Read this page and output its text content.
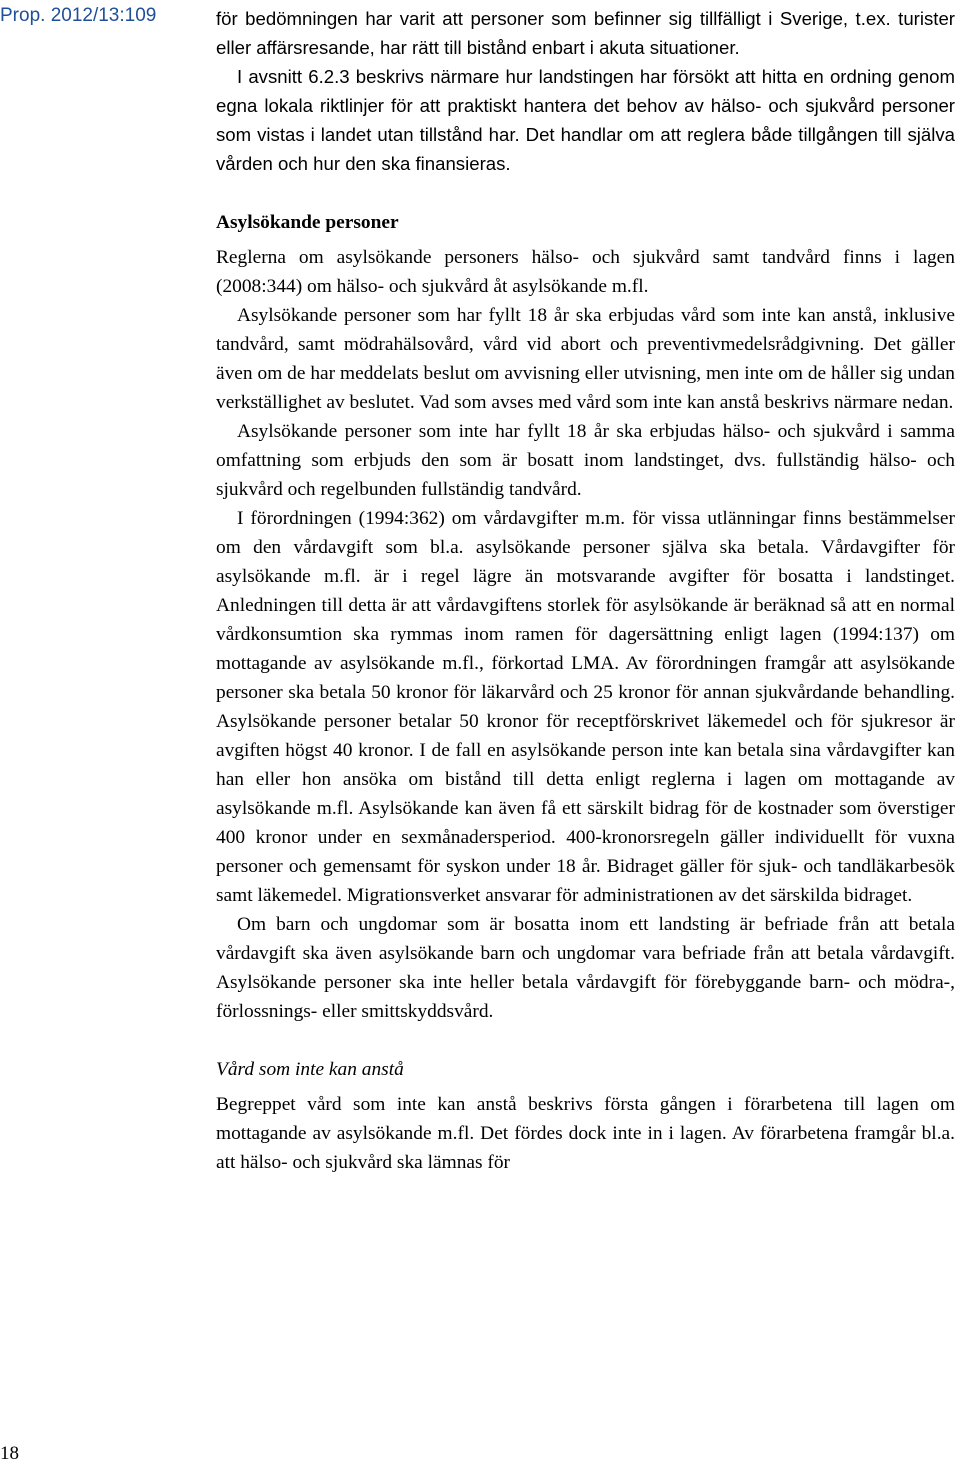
Prop. 2012/13:109	för bedömningen har varit att personer som befinner sig tillfälligt i Sverige, t.ex. turister eller affärsresande, har rätt till bistånd enbart i akuta situationer.

I avsnitt 6.2.3 beskrivs närmare hur landstingen har försökt att hitta en ordning genom egna lokala riktlinjer för att praktiskt hantera det behov av hälso- och sjukvård personer som vistas i landet utan tillstånd har. Det handlar om att reglera både tillgången till själva vården och hur den ska finansieras.

Asylsökande personer

Reglerna om asylsökande personers hälso- och sjukvård samt tandvård finns i lagen (2008:344) om hälso- och sjukvård åt asylsökande m.fl.

Asylsökande personer som har fyllt 18 år ska erbjudas vård som inte kan anstå, inklusive tandvård, samt mödrahälsovård, vård vid abort och preventivmedelsrådgivning. Det gäller även om de har meddelats beslut om avvisning eller utvisning, men inte om de håller sig undan verkställighet av beslutet. Vad som avses med vård som inte kan anstå beskrivs närmare nedan.

Asylsökande personer som inte har fyllt 18 år ska erbjudas hälso- och sjukvård i samma omfattning som erbjuds den som är bosatt inom landstinget, dvs. fullständig hälso- och sjukvård och regelbunden fullständig tandvård.

I förordningen (1994:362) om vårdavgifter m.m. för vissa utlänningar finns bestämmelser om den vårdavgift som bl.a. asylsökande personer själva ska betala. Vårdavgifter för asylsökande m.fl. är i regel lägre än motsvarande avgifter för bosatta i landstinget. Anledningen till detta är att vårdavgiftens storlek för asylsökande är beräknad så att en normal vårdkonsumtion ska rymmas inom ramen för dagersättning enligt lagen (1994:137) om mottagande av asylsökande m.fl., förkortad LMA. Av förordningen framgår att asylsökande personer ska betala 50 kronor för läkarvård och 25 kronor för annan sjukvårdande behandling. Asylsökande personer betalar 50 kronor för receptförskrivet läkemedel och för sjukresor är avgiften högst 40 kronor. I de fall en asylsökande person inte kan betala sina vårdavgifter kan han eller hon ansöka om bistånd till detta enligt reglerna i lagen om mottagande av asylsökande m.fl. Asylsökande kan även få ett särskilt bidrag för de kostnader som överstiger 400 kronor under en sexmånadersperiod. 400-kronorsregeln gäller individuellt för vuxna personer och gemensamt för syskon under 18 år. Bidraget gäller för sjuk- och tandläkarbesök samt läkemedel. Migrationsverket ansvarar för administrationen av det särskilda bidraget.

Om barn och ungdomar som är bosatta inom ett landsting är befriade från att betala vårdavgift ska även asylsökande barn och ungdomar vara befriade från att betala vårdavgift. Asylsökande personer ska inte heller betala vårdavgift för förebyggande barn- och mödra-, förlossnings- eller smittskyddsvård.

Vård som inte kan anstå

Begreppet vård som inte kan anstå beskrivs första gången i förarbetena till lagen om mottagande av asylsökande m.fl. Det fördes dock inte in i lagen. Av förarbetena framgår bl.a. att hälso- och sjukvård ska lämnas för

18
